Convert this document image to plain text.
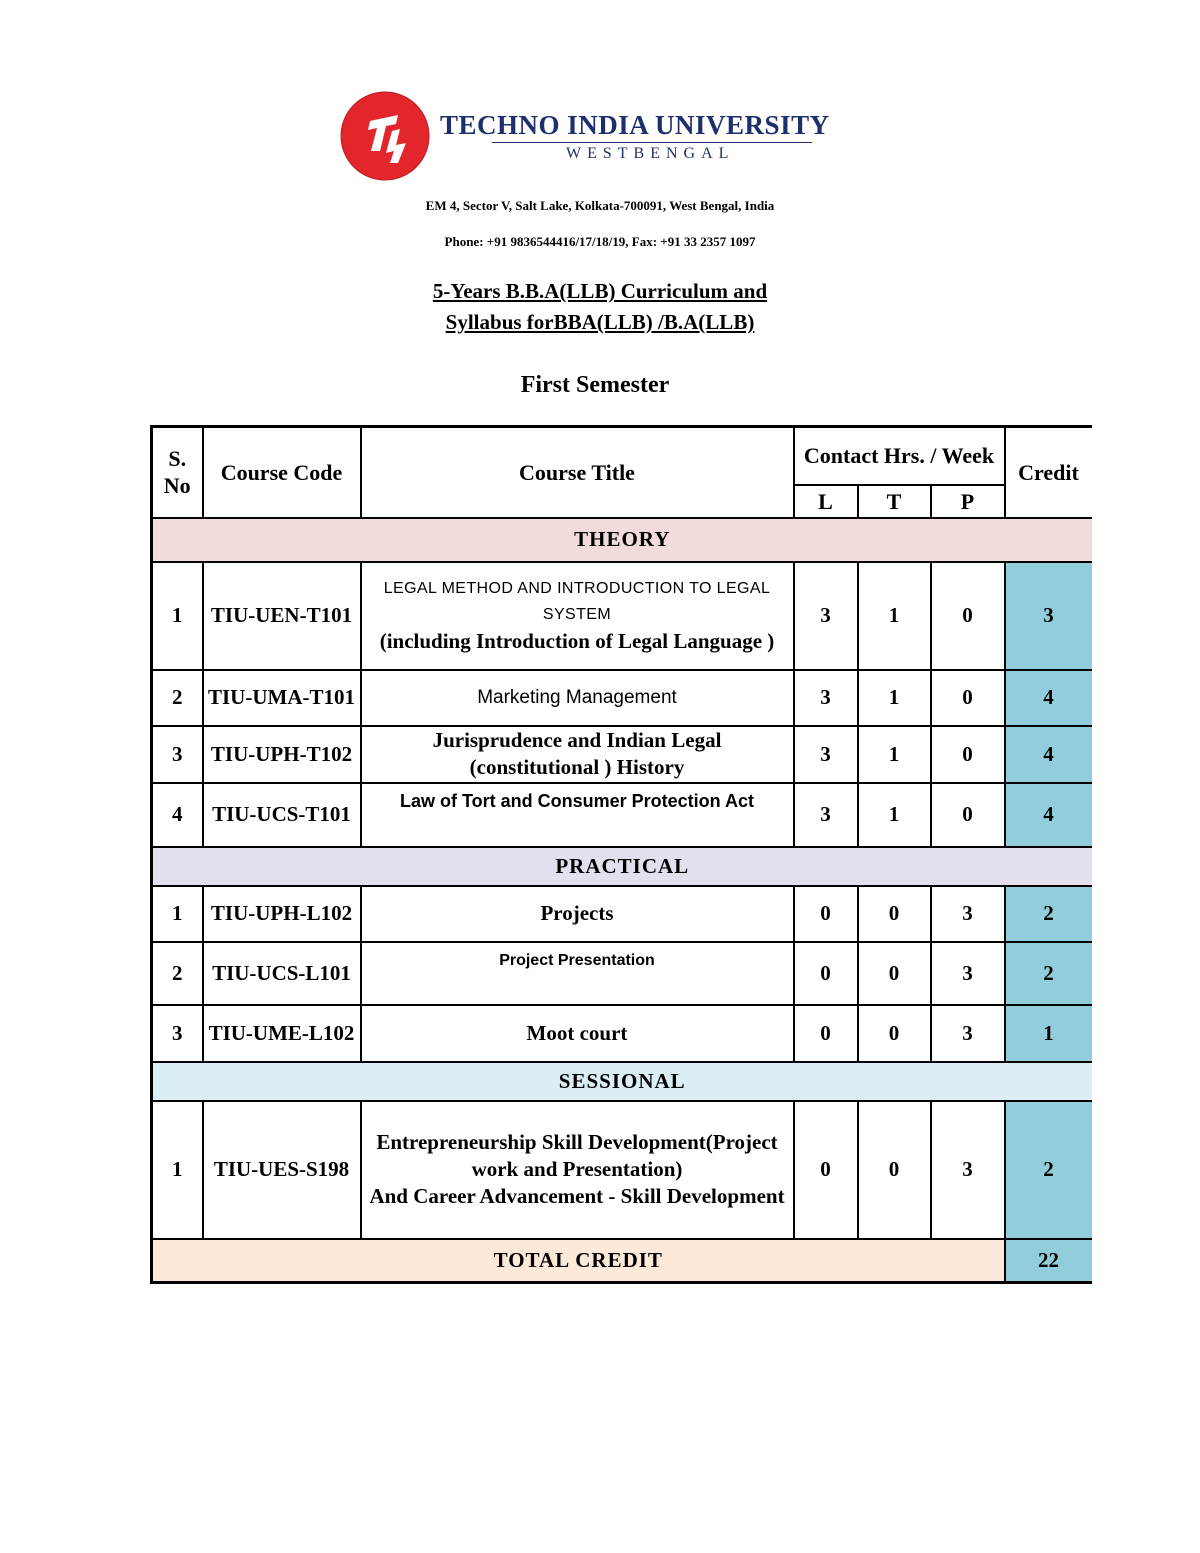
TECHNO INDIA UNIVERSITY
WESTBENGAL
EM 4, Sector V, Salt Lake, Kolkata-700091, West Bengal, India
Phone: +91 9836544416/17/18/19, Fax: +91 33 2357 1097
5-Years B.B.A(LLB) Curriculum and
Syllabus forBBA(LLB) /B.A(LLB)
First Semester
S. No	Course Code	Course Title	Contact Hrs. / Week			Credit
			L	T	P	
THEORY						
1	TIU-UEN-T101	LEGAL METHOD AND INTRODUCTION TO LEGAL SYSTEM
(including Introduction of Legal Language )	3	1	0	3
2	TIU-UMA-T101	Marketing Management	3	1	0	4
3	TIU-UPH-T102	Jurisprudence and Indian Legal (constitutional ) History	3	1	0	4
4	TIU-UCS-T101	Law of Tort and Consumer Protection Act	3	1	0	4
PRACTICAL						
1	TIU-UPH-L102	Projects	0	0	3	2
2	TIU-UCS-L101	Project Presentation	0	0	3	2
3	TIU-UME-L102	Moot court	0	0	3	1
SESSIONAL						
1	TIU-UES-S198	Entrepreneurship Skill Development(Project work and Presentation)
And Career Advancement - Skill Development	0	0	3	2
TOTAL CREDIT						22
